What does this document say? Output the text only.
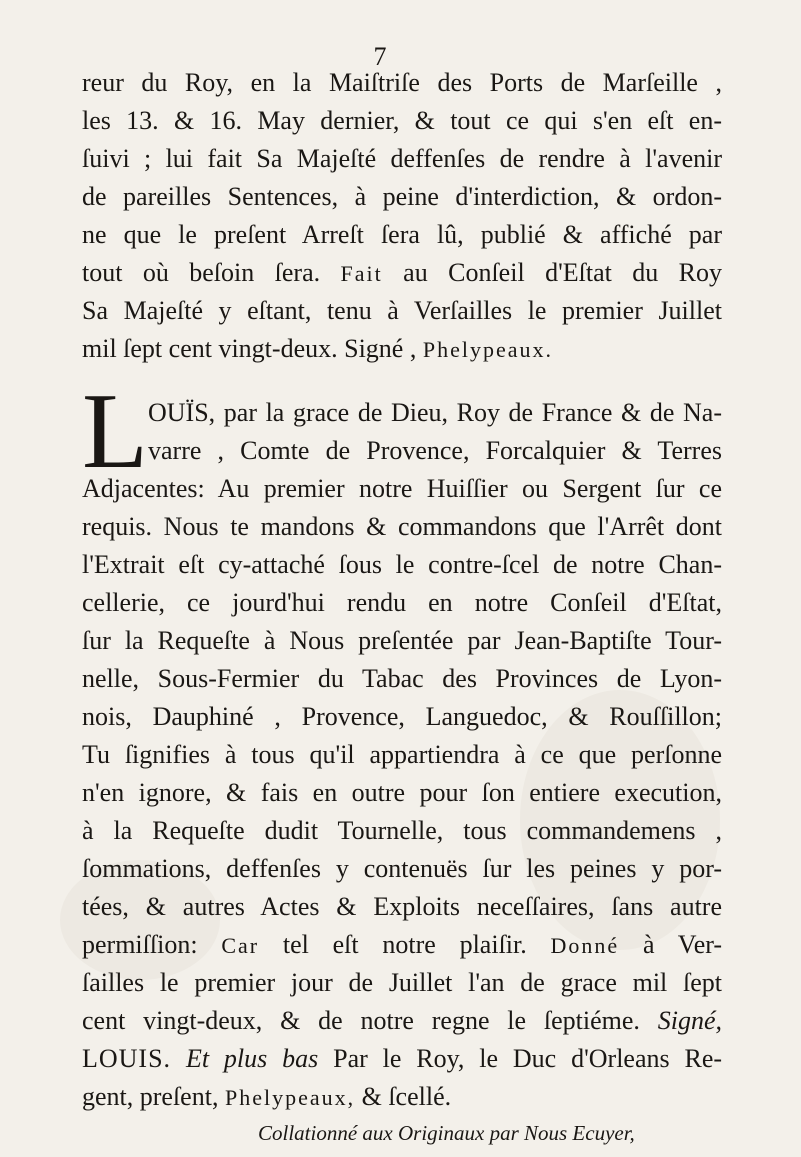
7
reur du Roy, en la Maiſtriſe des Ports de Marſeille ,
les 13. & 16. May dernier, & tout ce qui s'en eſt en-
ſuivi ; lui fait Sa Majeſté deffenſes de rendre à l'avenir
de pareilles Sentences, à peine d'interdiction, & ordon-
ne que le preſent Arreſt ſera lû, publié & affiché par
tout où beſoin ſera. Fait au Conſeil d'Eſtat du Roy
Sa Majeſté y eſtant, tenu à Verſailles le premier Juillet
mil ſept cent vingt-deux. Signé , Phelypeaux.
L OUÏS, par la grace de Dieu, Roy de France & de Na-
varre , Comte de Provence, Forcalquier & Terres
Adjacentes: Au premier notre Huiſſier ou Sergent ſur ce
requis. Nous te mandons & commandons que l'Arrêt dont
l'Extrait eſt cy-attaché ſous le contre-ſcel de notre Chan-
cellerie, ce jourd'hui rendu en notre Conſeil d'Eſtat,
ſur la Requeſte à Nous preſentée par Jean-Baptiſte Tour-
nelle, Sous-Fermier du Tabac des Provinces de Lyon-
nois, Dauphiné , Provence, Languedoc, & Rouſſillon;
Tu ſignifies à tous qu'il appartiendra à ce que perſonne
n'en ignore, & fais en outre pour ſon entiere execution,
à la Requeſte dudit Tournelle, tous commandemens ,
ſommations, deffenſes y contenuës ſur les peines y por-
tées, & autres Actes & Exploits neceſſaires, ſans autre
permiſſion: Car tel eſt notre plaiſir. Donné à Ver-
ſailles le premier jour de Juillet l'an de grace mil ſept
cent vingt-deux, & de notre regne le ſeptiéme. Signé,
LOUIS. Et plus bas Par le Roy, le Duc d'Orleans Re-
gent, preſent, Phelypeaux, & ſcellé.
Collationné aux Originaux par Nous Ecuyer,
